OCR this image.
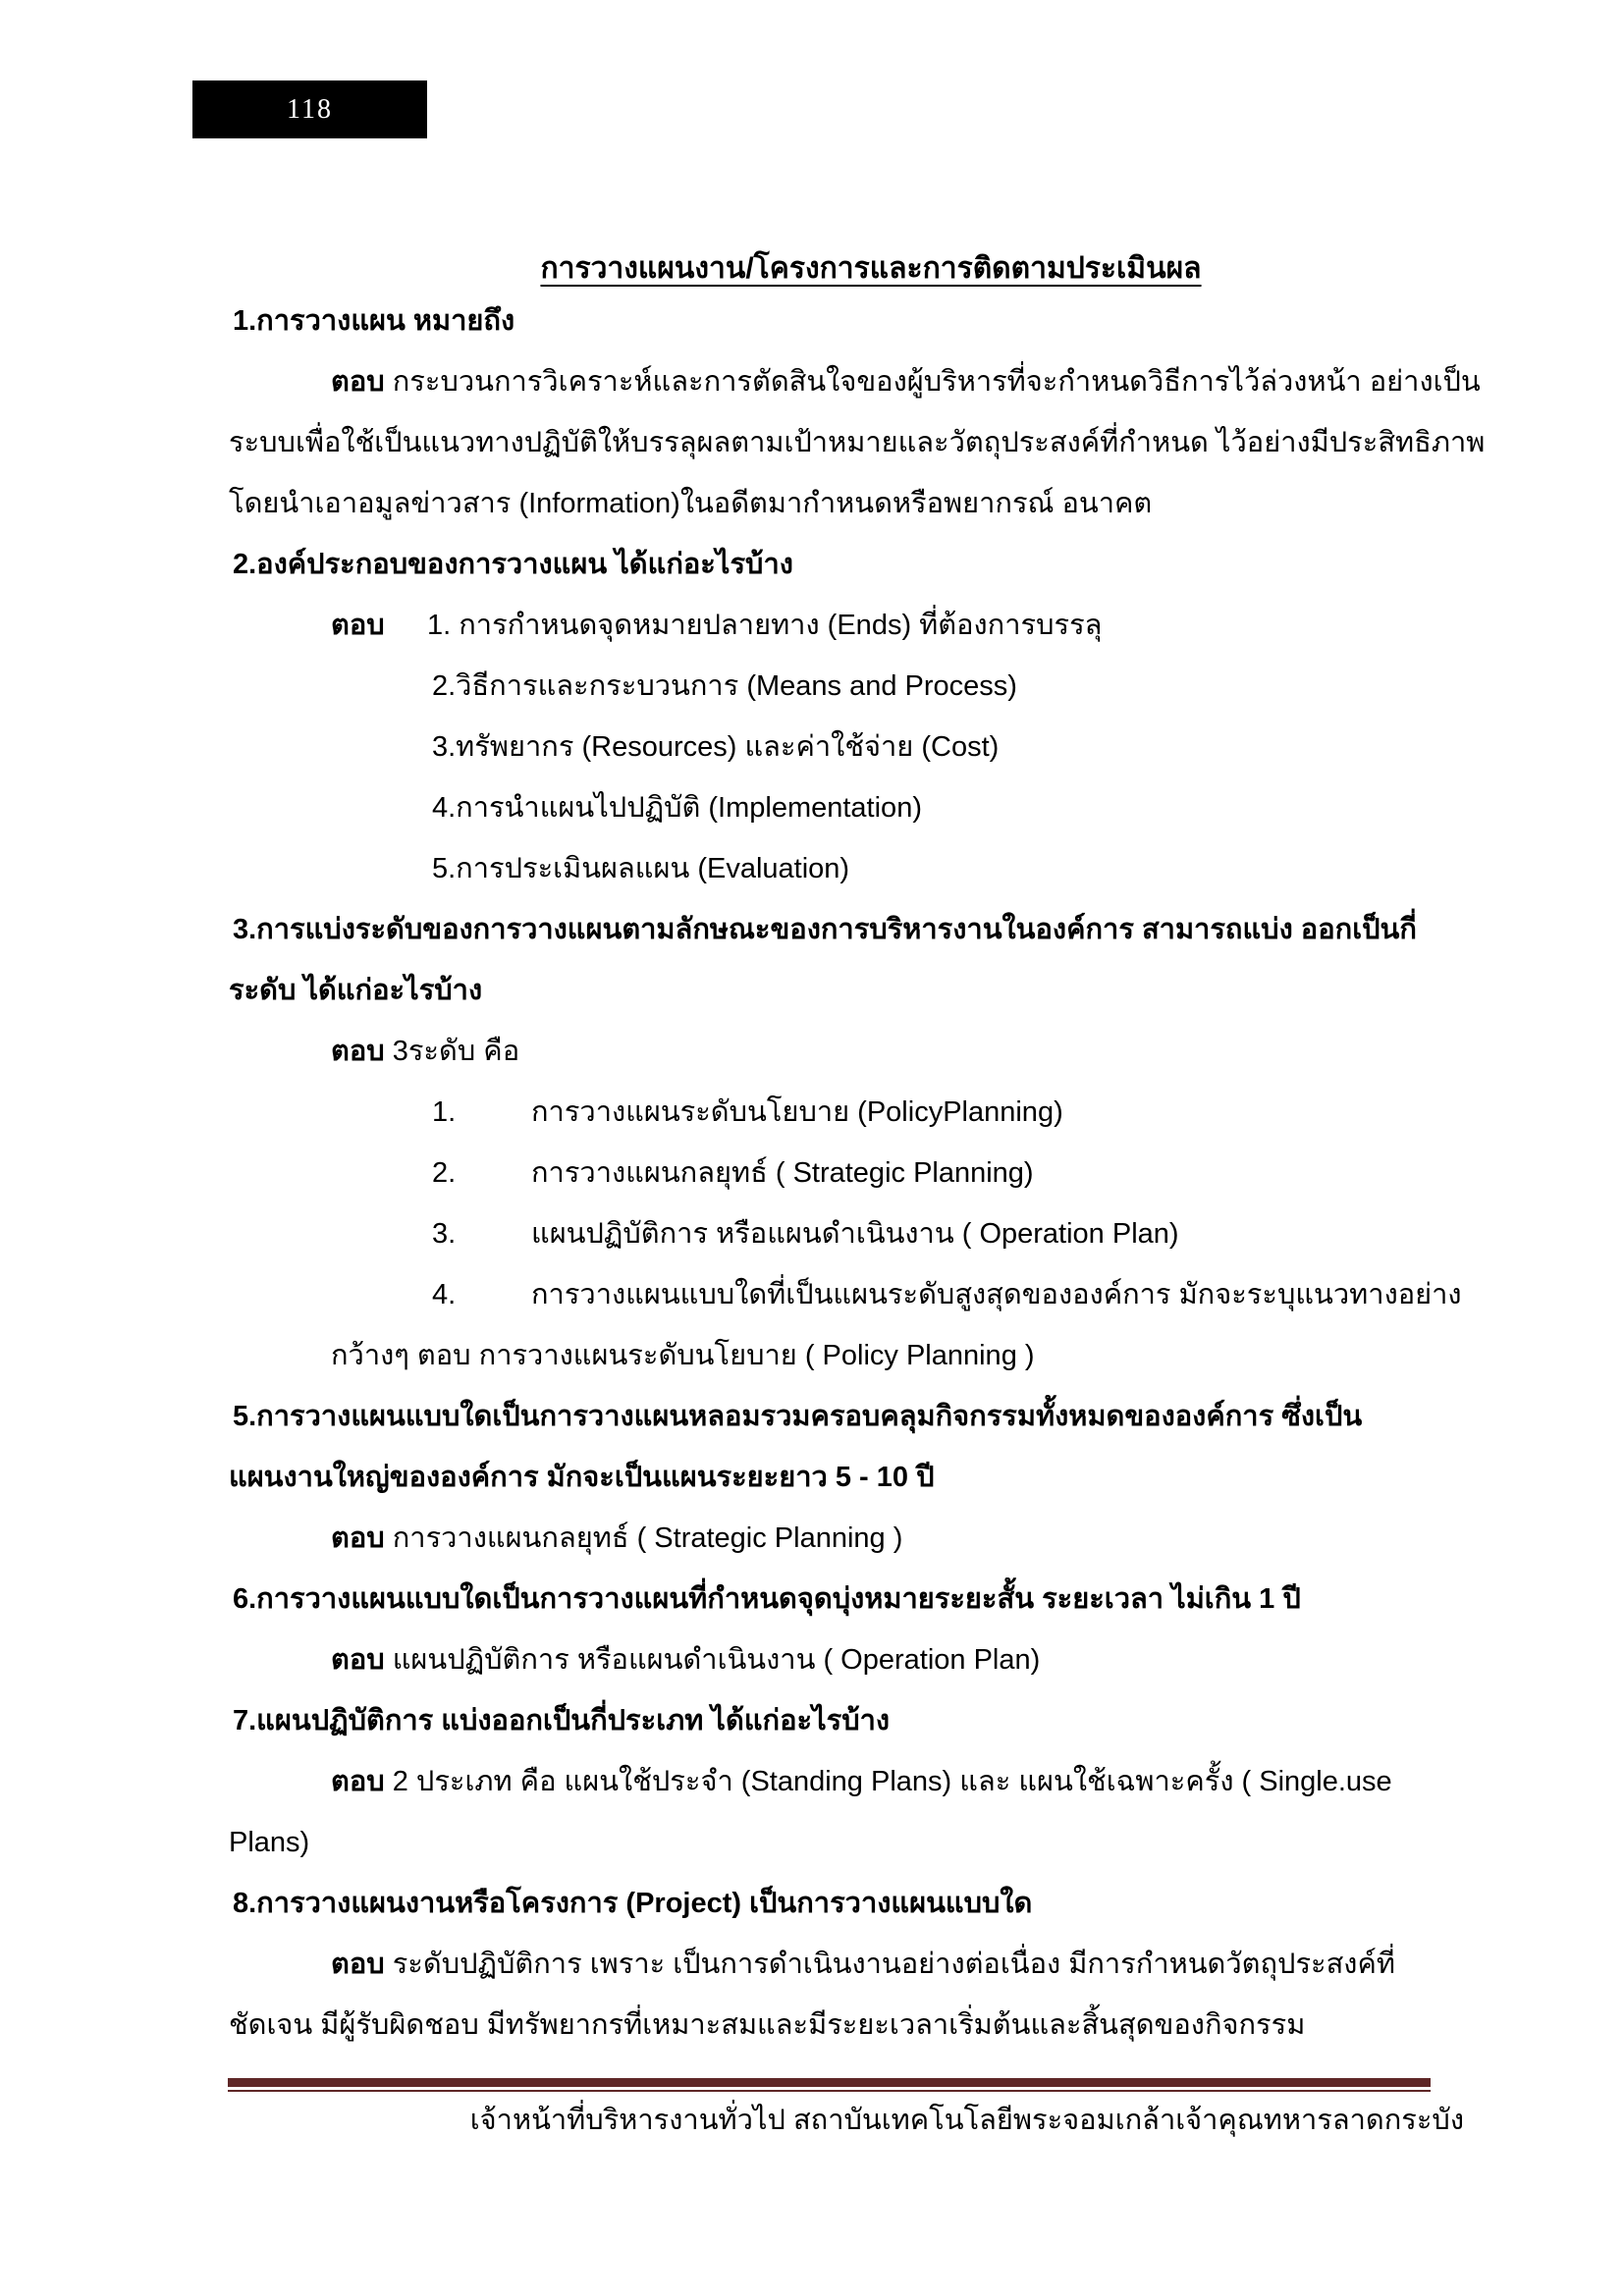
118

การวางแผนงาน/โครงการและการติดตามประเมินผล

1.การวางแผน หมายถึง
ตอบ กระบวนการวิเคราะห์และการตัดสินใจของผู้บริหารที่จะกำหนดวิธีการไว้ล่วงหน้า อย่างเป็น
ระบบเพื่อใช้เป็นแนวทางปฏิบัติให้บรรลุผลตามเป้าหมายและวัตถุประสงค์ที่กำหนด ไว้อย่างมีประสิทธิภาพ
โดยนำเอาอมูลข่าวสาร (Information)ในอดีตมากำหนดหรือพยากรณ์ อนาคต
2.องค์ประกอบของการวางแผน ได้แก่อะไรบ้าง
ตอบ 1. การกำหนดจุดหมายปลายทาง (Ends) ที่ต้องการบรรลุ
2.วิธีการและกระบวนการ (Means and Process)
3.ทรัพยากร (Resources) และค่าใช้จ่าย (Cost)
4.การนำแผนไปปฏิบัติ (Implementation)
5.การประเมินผลแผน (Evaluation)
3.การแบ่งระดับของการวางแผนตามลักษณะของการบริหารงานในองค์การ สามารถแบ่ง ออกเป็นกี่
ระดับ ได้แก่อะไรบ้าง
ตอบ 3ระดับ คือ
1.	การวางแผนระดับนโยบาย (PolicyPlanning)
2.	การวางแผนกลยุทธ์ ( Strategic Planning)
3.	แผนปฏิบัติการ หรือแผนดำเนินงาน ( Operation Plan)
4.	การวางแผนแบบใดที่เป็นแผนระดับสูงสุดขององค์การ มักจะระบุแนวทางอย่าง
กว้างๆ ตอบ การวางแผนระดับนโยบาย ( Policy Planning )
5.การวางแผนแบบใดเป็นการวางแผนหลอมรวมครอบคลุมกิจกรรมทั้งหมดขององค์การ ซึ่งเป็น
แผนงานใหญ่ขององค์การ มักจะเป็นแผนระยะยาว 5 - 10 ปี
ตอบ การวางแผนกลยุทธ์ ( Strategic Planning )
6.การวางแผนแบบใดเป็นการวางแผนที่กำหนดจุดบุ่งหมายระยะสั้น ระยะเวลา ไม่เกิน 1 ปี
ตอบ แผนปฏิบัติการ หรือแผนดำเนินงาน ( Operation Plan)
7.แผนปฏิบัติการ แบ่งออกเป็นกี่ประเภท ได้แก่อะไรบ้าง
ตอบ 2 ประเภท คือ แผนใช้ประจำ (Standing Plans) และ แผนใช้เฉพาะครั้ง ( Single.use
Plans)
8.การวางแผนงานหรือโครงการ (Project) เป็นการวางแผนแบบใด
ตอบ ระดับปฏิบัติการ เพราะ เป็นการดำเนินงานอย่างต่อเนื่อง มีการกำหนดวัตถุประสงค์ที่
ชัดเจน มีผู้รับผิดชอบ มีทรัพยากรที่เหมาะสมและมีระยะเวลาเริ่มต้นและสิ้นสุดของกิจกรรม
เจ้าหน้าที่บริหารงานทั่วไป สถาบันเทคโนโลยีพระจอมเกล้าเจ้าคุณทหารลาดกระบัง
